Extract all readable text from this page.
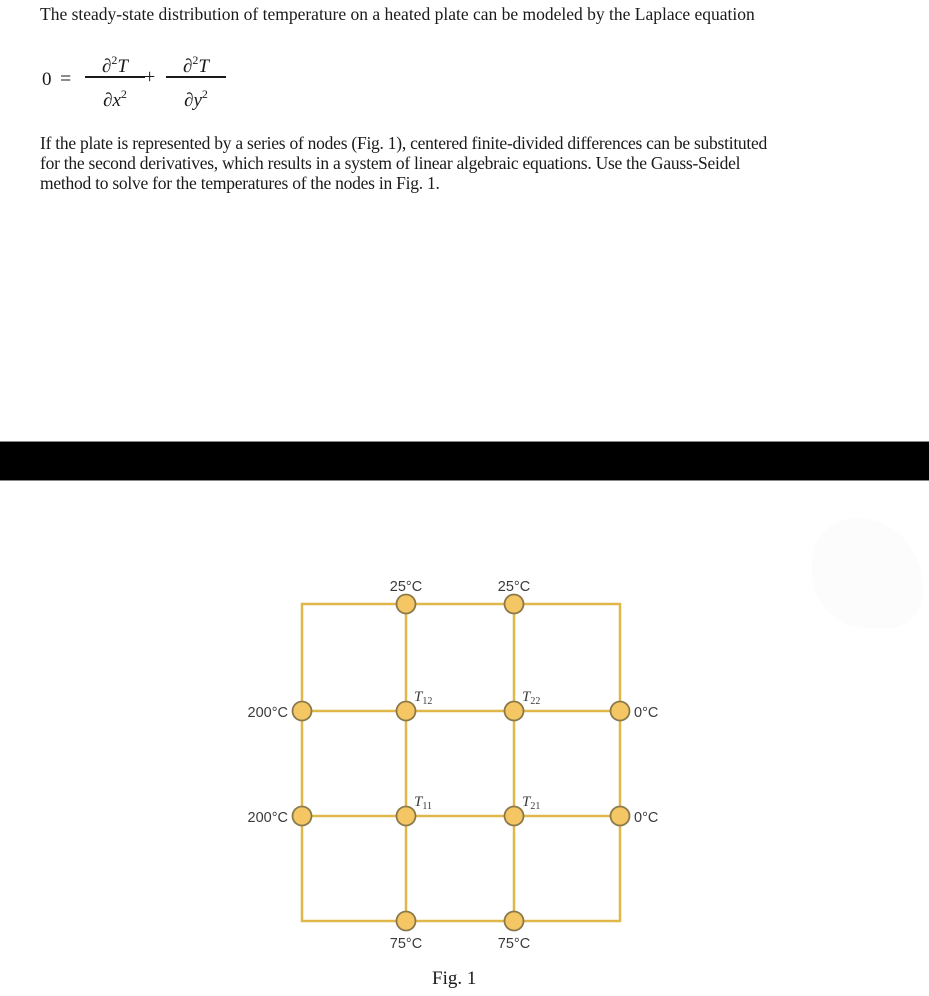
The steady-state distribution of temperature on a heated plate can be modeled by the Laplace equation
0 =
∂$^2$T
$\partial x^2$
+	∂$^2$T
$\partial y^2$
If the plate is represented by a series of nodes (Fig. 1), centered finite-divided differences can be substituted
for the second derivatives, which results in a system of linear algebraic equations. Use the Gauss-Seidel
method to solve for the temperatures of the nodes in Fig. 1.
25°C	25°C
200°C
200°C
0°C
0°C
75°C	75°C
$T_{12}$	$T_{22}$
$T_{11}$	$T_{21}$
Fig. 1
